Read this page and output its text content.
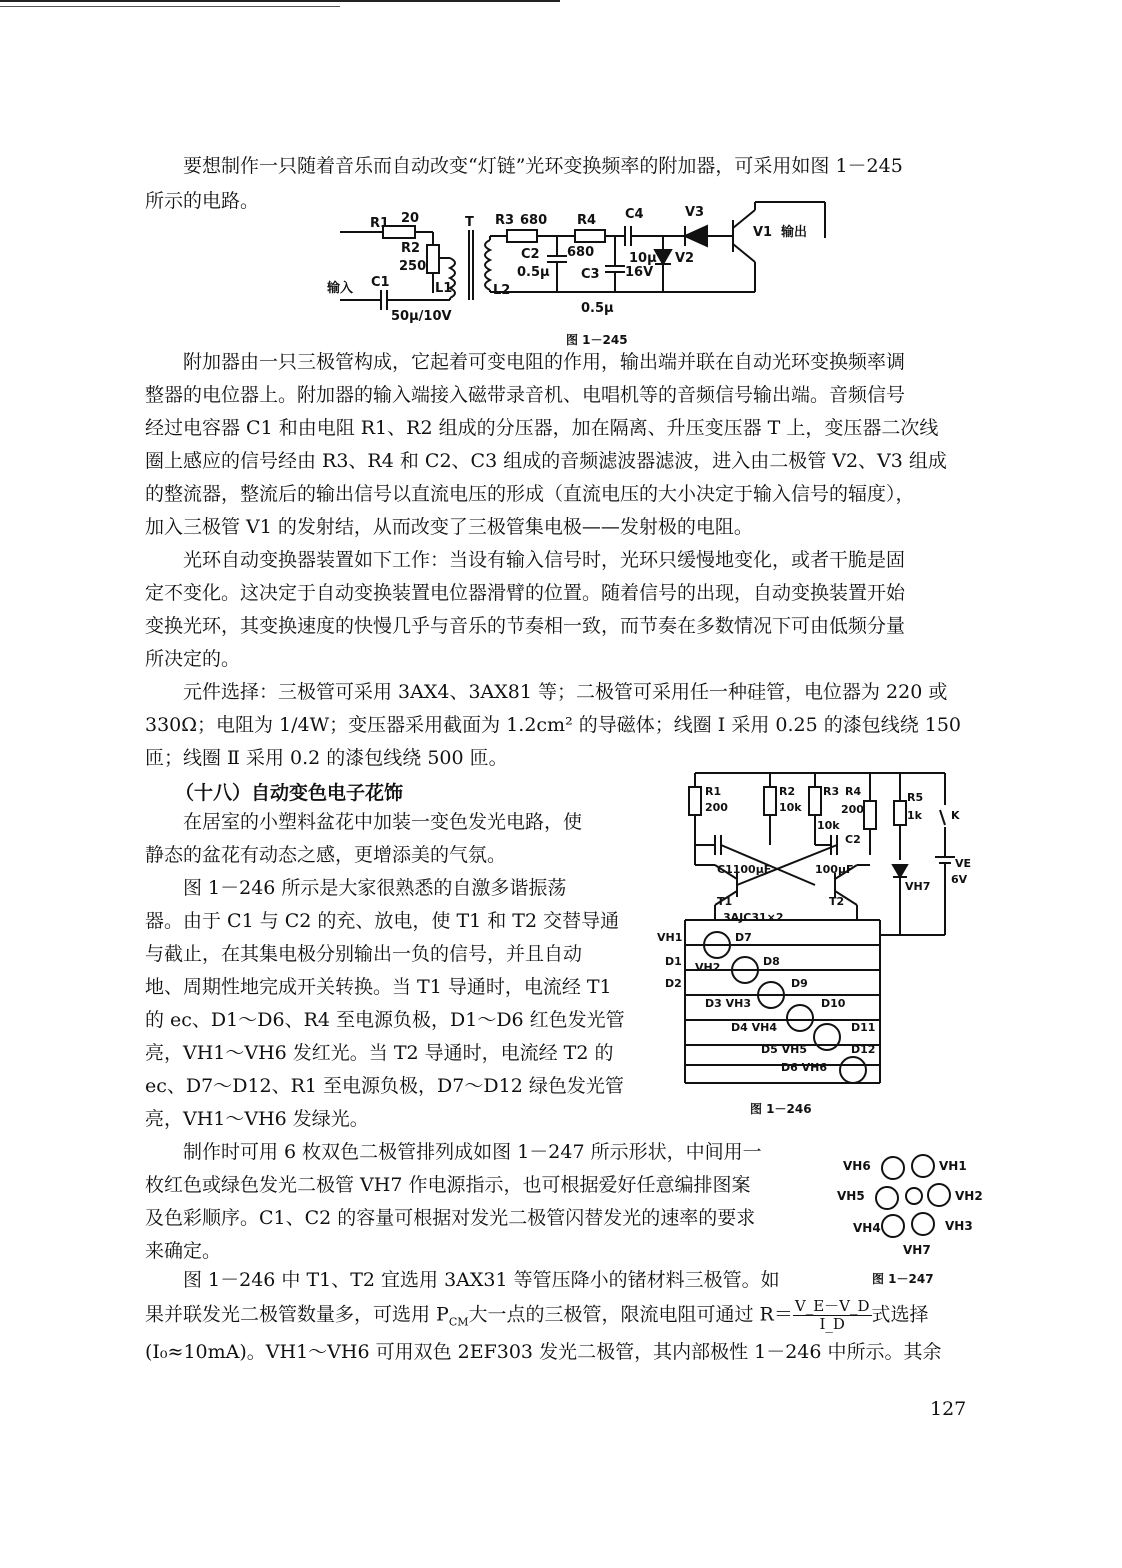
要想制作一只随着音乐而自动改变“灯链”光环变换频率的附加器，可采用如图 1－245

所示的电路。

R1 20
R2
250
T R3 680 R4
680
C4	V3
V1 输出
C2
0.5μ C3
0.5μ
10μ
16V
V2
L1	L2
输入 C1
50μ/10V
图 1－245

附加器由一只三极管构成，它起着可变电阻的作用，输出端并联在自动光环变换频率调

整器的电位器上。附加器的输入端接入磁带录音机、电唱机等的音频信号输出端。音频信号

经过电容器 C1 和由电阻 R1、R2 组成的分压器，加在隔离、升压变压器 T 上，变压器二次线

圈上感应的信号经由 R3、R4 和 C2、C3 组成的音频滤波器滤波，进入由二极管 V2、V3 组成

的整流器，整流后的输出信号以直流电压的形成（直流电压的大小决定于输入信号的辐度），

加入三极管 V1 的发射结，从而改变了三极管集电极——发射极的电阻。

光环自动变换器装置如下工作：当设有输入信号时，光环只缓慢地变化，或者干脆是固

定不变化。这决定于自动变换装置电位器滑臂的位置。随着信号的出现，自动变换装置开始

变换光环，其变换速度的快慢几乎与音乐的节奏相一致，而节奏在多数情况下可由低频分量

所决定的。

元件选择：三极管可采用 3AX4、3AX81 等；二极管可采用任一种硅管，电位器为 220 或

330Ω；电阻为 1/4W；变压器采用截面为 1.2cm² 的导磁体；线圈 I 采用 0.25 的漆包线绕 150

匝；线圈 Ⅱ 采用 0.2 的漆包线绕 500 匝。

（十八）自动变色电子花饰

在居室的小塑料盆花中加装一变色发光电路，使

静态的盆花有动态之感，更增添美的气氛。

图 1－246 所示是大家很熟悉的自激多谐振荡

器。由于 C1 与 C2 的充、放电，使 T1 和 T2 交替导通

与截止，在其集电极分别输出一负的信号，并且自动

地、周期性地完成开关转换。当 T1 导通时，电流经 T1

的 ec、D1～D6、R4 至电源负极，D1～D6 红色发光管

亮，VH1～VH6 发红光。当 T2 导通时，电流经 T2 的

ec、D7～D12、R1 至电源负极，D7～D12 绿色发光管

亮，VH1～VH6 发绿光。

R1
200
R2
10k
R3
10k
R4
200
R5
1k	K
C1100μF
C2
100μF	VE
6V
VH7
T1	T2
3AJC31×2
VH1	D7
D1 VH2	D8
D2
D3 VH3
D9
D4 VH4
D10
D5 VH5
D11
D6 VH6
D12
图 1－246

制作时可用 6 枚双色二极管排列成如图 1－247 所示形状，中间用一

枚红色或绿色发光二极管 VH7 作电源指示，也可根据爱好任意编排图案

及色彩顺序。C1、C2 的容量可根据对发光二极管闪替发光的速率的要求

来确定。

VH6	VH1
VH5	VH2
VH4	VH3
VH7
图 1－247

图 1－246 中 T1、T2 宜选用 3AX31 等管压降小的锗材料三极管。如

果并联发光二极管数量多，可选用 $P_{CM}$大一点的三极管，限流电阻可通过 $R= \frac{V\_E-V\_D}{I\_D}$ 式选择

(I₀≈10mA)。VH1～VH6 可用双色 2EF303 发光二极管，其内部极性 1－246 中所示。其余

127
